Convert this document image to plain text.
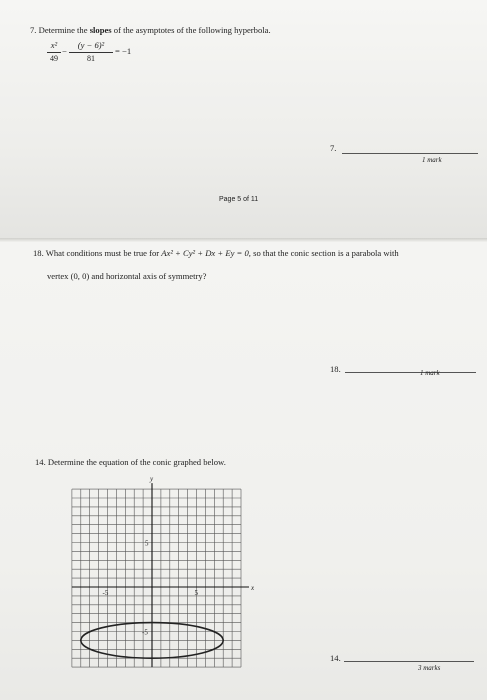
7. Determine the slopes of the asymptotes of the following hyperbola.
x²
49
−
(y − 6)²
81
= −1
7.
1 mark
Page 5 of 11
18. What conditions must be true for Ax² + Cy² + Dx + Ey = 0, so that the conic section is a parabola with
vertex (0, 0) and horizontal axis of symmetry?
18.	1 mark
14. Determine the equation of the conic graphed below.
x
y
5
-5
-5	5
14.
3 marks
